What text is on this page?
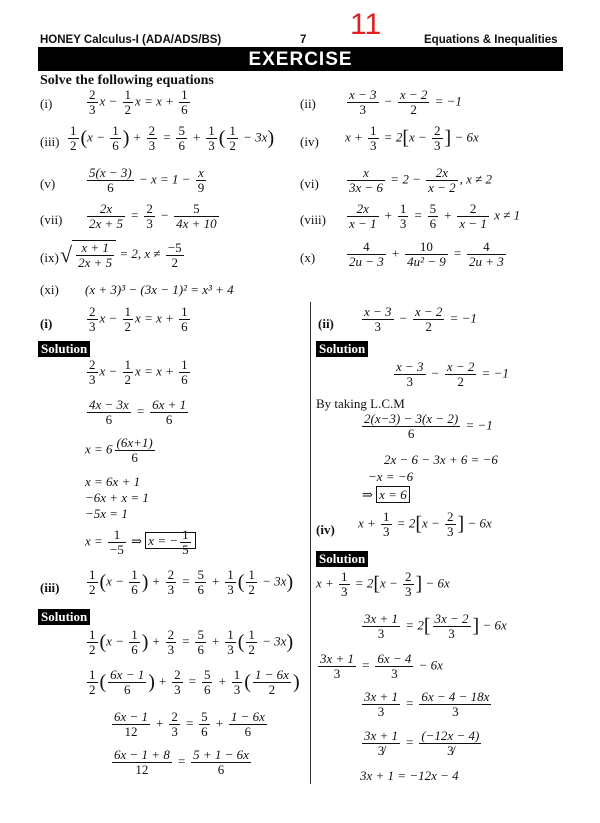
HONEY Calculus-I (ADA/ADS/BS)	7 11	Equations & Inequalities
EXERCISE
Solve the following equations
(i)	$\frac{2}{3}$ $x - \frac{1}{2}$ $x = x + \frac{1}{6}$
$(iii) \frac{1}{2} (x - \frac{1}{6}$ ) + $\frac{2}{3} = \frac{5}{6} + \frac{1}{3}$ ( $\frac{1}{2} - 3x$)
$(v) \frac{5(x - 3)}{6} - x = 1 - \frac{x}{9}$
$(vii) \frac{2x}{2x + 5} = \frac{2}{3} - \frac{5}{4x + 10}$
(ix) √ $\frac{x + 1}{2x + 5} = 2$, $x \ne \frac{-5}{2}$
(xi) (x + 3)³ − (3x − 1)² = x³ + 4
$(ii) \frac{x - 3}{3} - \frac{x - 2}{2} = -1$
(iv) $x + \frac{1}{3} = 2[x - \frac{2}{3}$ ] − 6x
$(vi) \frac{x}{3x - 6} = 2 - \frac{2x}{x - 2}$ , x ≠ 2
(viii) $\frac{2x}{x - 1} + \frac{1}{3} = \frac{5}{6} + \frac{2}{x - 1}$ x ≠ 1
$(x) \frac{4}{2u - 3} + \frac{10}{\text{4u² − 9}} = \frac{4}{2u + 3}$
(i)	$\frac{2}{3}$ $x - \frac{1}{2}$ $x = x + \frac{1}{6}$
Solution
$\frac{2}{3}$ $x - \frac{1}{2}$ $x = x + \frac{1}{6}$
$\frac{4x - 3x}{6} = \frac{6x + 1}{6}$
$x = 6 \frac{(6x+1)}{6}$
x = 6x + 1
−6x + x = 1
−5x = 1
$x = \frac{1}{-5}$ ⇒ x = − $\frac{1}{5}$
$(iii) \frac{1}{2} (x - \frac{1}{6}$ ) + $\frac{2}{3} = \frac{5}{6} + \frac{1}{3}$ ( $\frac{1}{2} - 3x$)
Solution
$\frac{1}{2} (x - \frac{1}{6}$ ) + $\frac{2}{3} = \frac{5}{6} + \frac{1}{3}$ ( $\frac{1}{2} - 3x$)
$\frac{1}{2}$ ( $\frac{6x - 1}{6}$ ) + $\frac{2}{3} = \frac{5}{6} + \frac{1}{3}$ ( $\frac{1 - 6x}{2}$ )
$\frac{6x - 1}{12} + \frac{2}{3} = \frac{5}{6} + \frac{1 - 6x}{6}$
$\frac{6x - 1 + 8}{12} = \frac{5 + 1 - 6x}{6}$
$(ii) \frac{x - 3}{3} - \frac{x - 2}{2} = -1$
Solution
$\frac{x - 3}{3} - \frac{x - 2}{2} = -1$
By taking L.C.M
$\frac{2(x-3) - 3(x - 2)}{6} = -1$
2x − 6 − 3x + 6 = −6
−x = −6
⇒ x = 6
(iv) $x + \frac{1}{3} = 2[x - \frac{2}{3}$ ] − 6x
Solution
$x + \frac{1}{3} = 2[x - \frac{2}{3}$ ] − 6x
$\frac{3x + 1}{3} = 2[ \frac{3x - 2}{3}$ ] − 6x
$\frac{3x + 1}{3} = \frac{6x - 4}{3} - 6x$
$\frac{3x + 1}{3} = \frac{6x - 4 - 18x}{3}$
$\frac{3x + 1}{3̸} = \frac{(-12x - 4)}{3̸}$
3x + 1 = −12x − 4
